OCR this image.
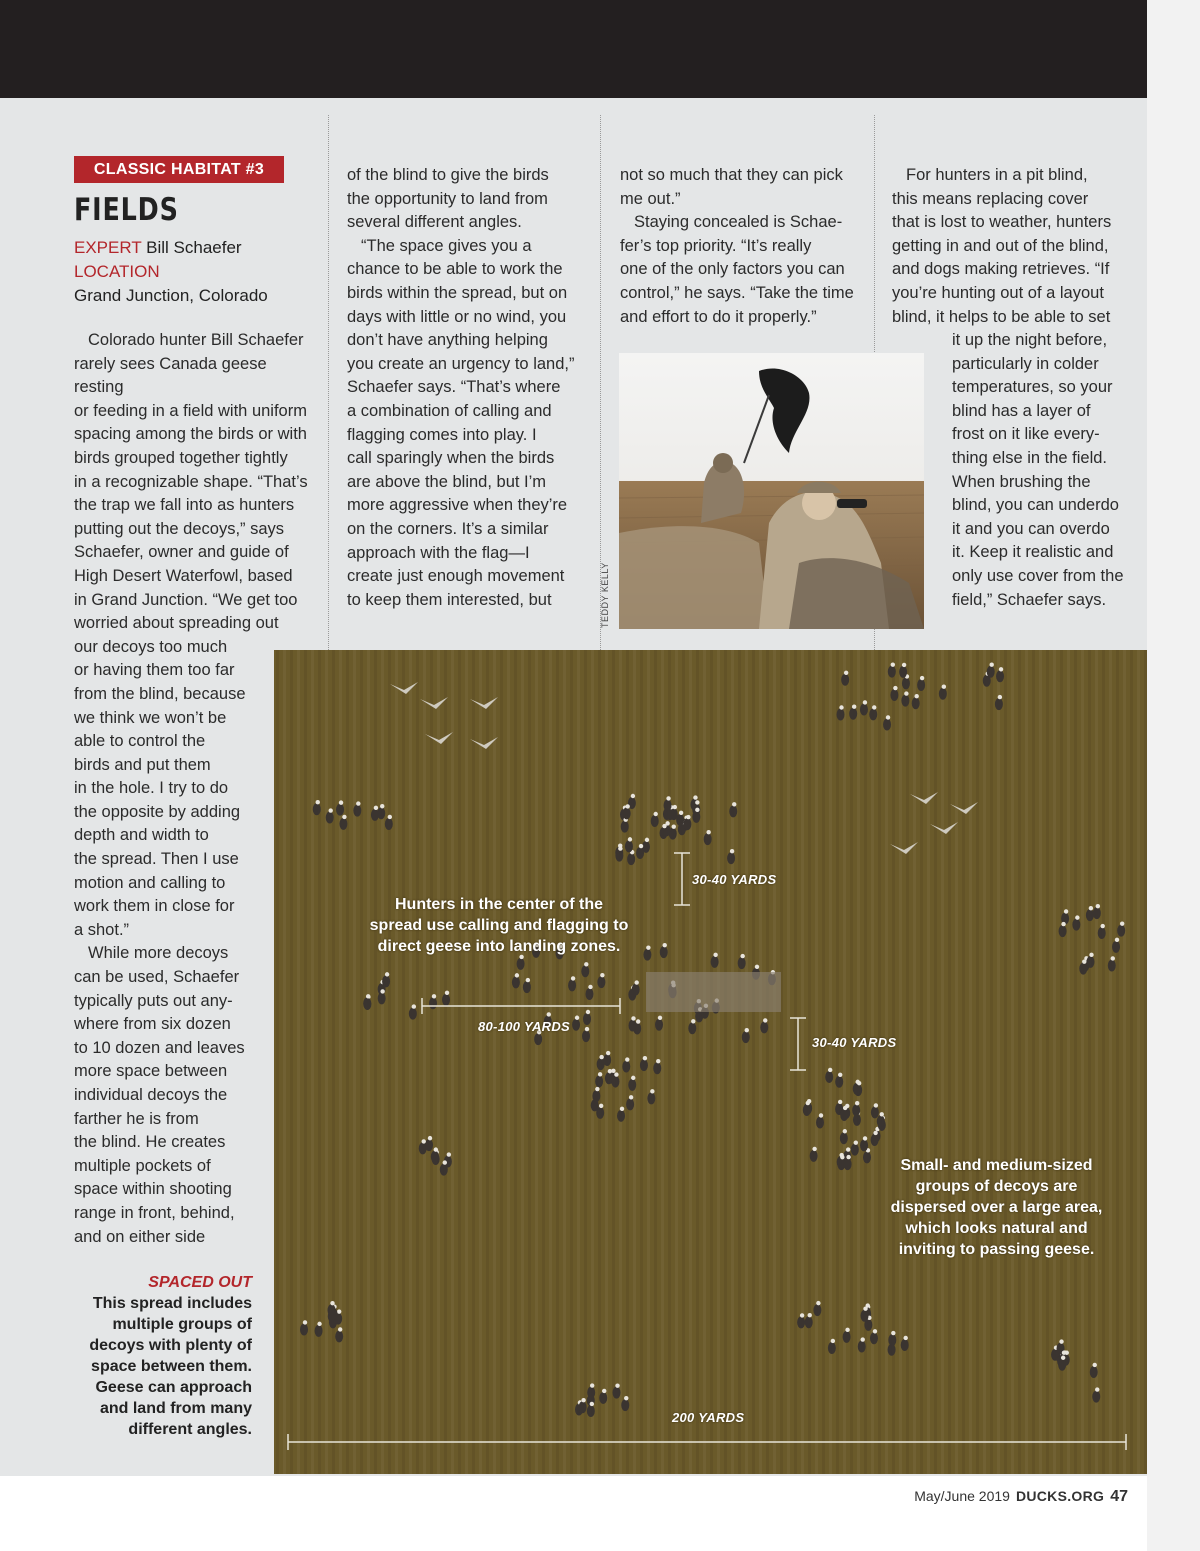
CLASSIC HABITAT #3
FIELDS
EXPERT Bill Schaefer
LOCATION
Grand Junction, Colorado

Colorado hunter Bill Schaefer

rarely sees Canada geese resting

or feeding in a field with uniform

spacing among the birds or with

birds grouped together tightly

in a recognizable shape. “That’s

the trap we fall into as hunters

putting out the decoys,” says

Schaefer, owner and guide of

High Desert Waterfowl, based

in Grand Junction. “We get too

worried about spreading out

our decoys too much

or having them too far

from the blind, because

we think we won’t be

able to control the

birds and put them

in the hole. I try to do

the opposite by adding

depth and width to

the spread. Then I use

motion and calling to

work them in close for

a shot.”

While more decoys

can be used, Schaefer

typically puts out any-

where from six dozen

to 10 dozen and leaves

more space between

individual decoys the

farther he is from

the blind. He creates

multiple pockets of

space within shooting

range in front, behind,

and on either side

of the blind to give the birds

the opportunity to land from

several different angles.

“The space gives you a

chance to be able to work the

birds within the spread, but on

days with little or no wind, you

don’t have anything helping

you create an urgency to land,”

Schaefer says. “That’s where

a combination of calling and

flagging comes into play. I

call sparingly when the birds

are above the blind, but I’m

more aggressive when they’re

on the corners. It’s a similar

approach with the flag—I

create just enough movement

to keep them interested, but

not so much that they can pick

me out.”

Staying concealed is Schae-

fer’s top priority. “It’s really

one of the only factors you can

control,” he says. “Take the time

and effort to do it properly.”

For hunters in a pit blind,

this means replacing cover

that is lost to weather, hunters

getting in and out of the blind,

and dogs making retrieves. “If

you’re hunting out of a layout

blind, it helps to be able to set

it up the night before,

particularly in colder

temperatures, so your

blind has a layer of

frost on it like every-

thing else in the field.

When brushing the

blind, you can underdo

it and you can overdo

it. Keep it realistic and

only use cover from the

field,” Schaefer says.

TEDDY KELLY
Hunters in the center of the
spread use calling and flagging to
direct geese into landing zones.
Small- and medium-sized
groups of decoys are
dispersed over a large area,
which looks natural and
inviting to passing geese.
30-40 YARDS
80-100 YARDS
30-40 YARDS
200 YARDS
SPACED OUT
This spread includes
multiple groups of
decoys with plenty of
space between them.
Geese can approach
and land from many
different angles.
May/June 2019 DUCKS.ORG 47
